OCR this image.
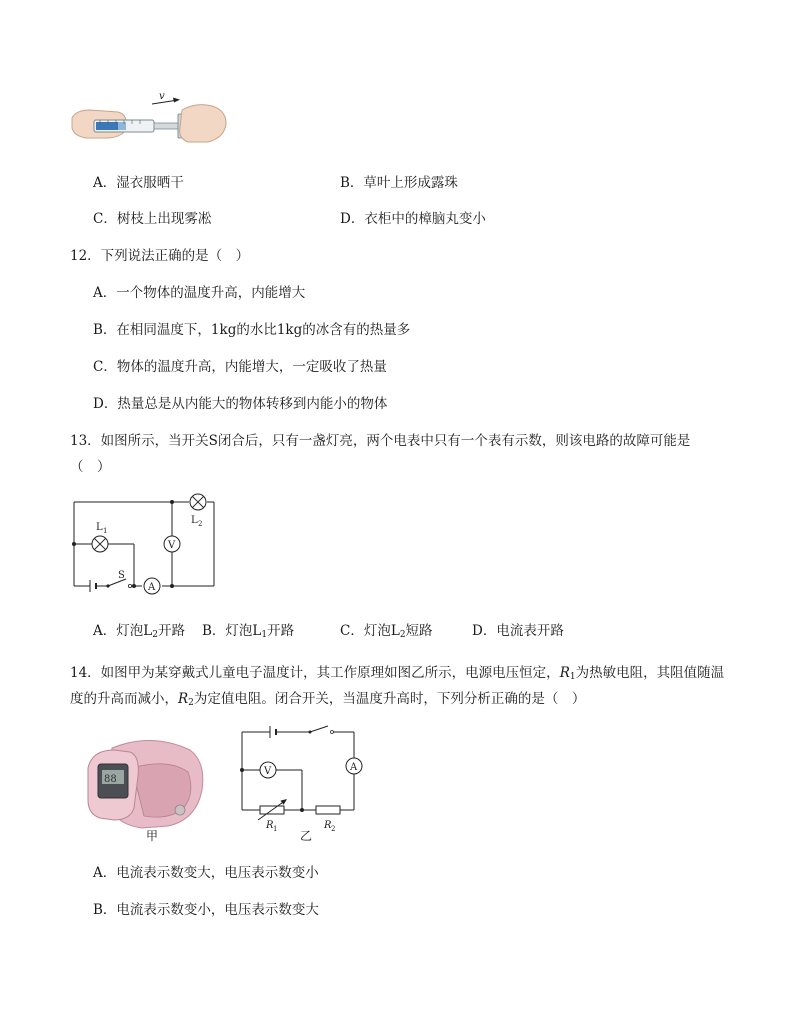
v
A．湿衣服晒干	B．草叶上形成露珠
C．树枝上出现雾凇	D．衣柜中的樟脑丸变小
12．下列说法正确的是（　）
A．一个物体的温度升高，内能增大
B．在相同温度下，1kg的水比1kg的冰含有的热量多
C．物体的温度升高，内能增大，一定吸收了热量
D．热量总是从内能大的物体转移到内能小的物体
13．如图所示，当开关S闭合后，只有一盏灯亮，两个电表中只有一个表有示数，则该电路的故障可能是
（　）
V
A
S
L 1
L 2
A．灯泡$L_2$开路 B．灯泡$L_1$开路	C．灯泡$L_2$短路	D．电流表开路
14．如图甲为某穿戴式儿童电子温度计，其工作原理如图乙所示，电源电压恒定，$R_1$为热敏电阻，其阻值随温
度的升高而减小，$R_2$为定值电阻。闭合开关，当温度升高时，下列分析正确的是（　）
88
甲
V	A
R 1	R 2
乙
A．电流表示数变大，电压表示数变小
B．电流表示数变小，电压表示数变大
